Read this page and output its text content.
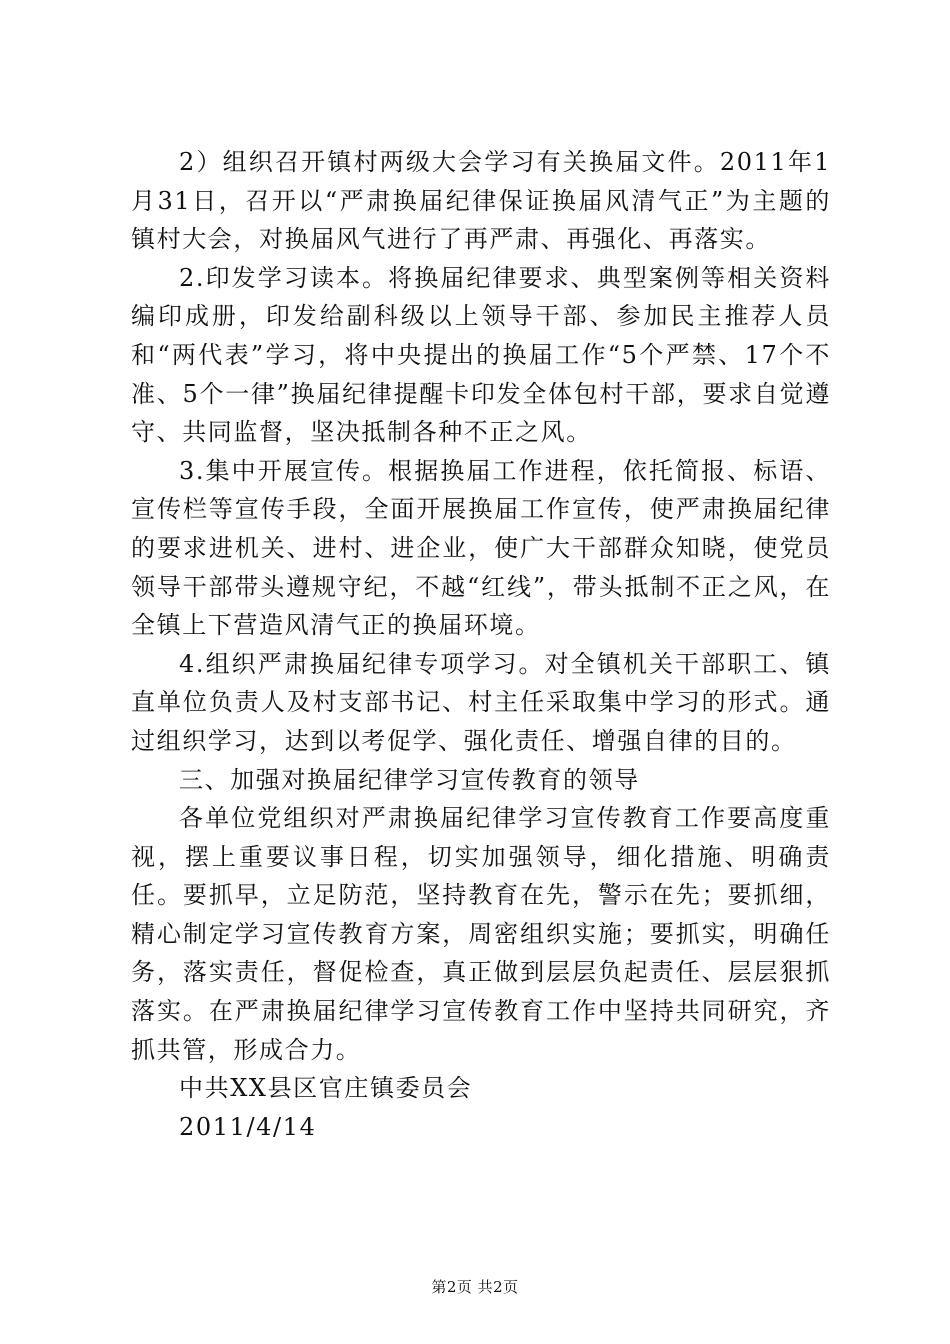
2）组织召开镇村两级大会学习有关换届文件。2011年1月31日，召开以“严肃换届纪律保证换届风清气正”为主题的镇村大会，对换届风气进行了再严肃、再强化、再落实。

2.印发学习读本。将换届纪律要求、典型案例等相关资料编印成册，印发给副科级以上领导干部、参加民主推荐人员和“两代表”学习，将中央提出的换届工作“5个严禁、17个不准、5个一律”换届纪律提醒卡印发全体包村干部，要求自觉遵守、共同监督，坚决抵制各种不正之风。

3.集中开展宣传。根据换届工作进程，依托简报、标语、宣传栏等宣传手段，全面开展换届工作宣传，使严肃换届纪律的要求进机关、进村、进企业，使广大干部群众知晓，使党员领导干部带头遵规守纪，不越“红线”，带头抵制不正之风，在全镇上下营造风清气正的换届环境。

4.组织严肃换届纪律专项学习。对全镇机关干部职工、镇直单位负责人及村支部书记、村主任采取集中学习的形式。通过组织学习，达到以考促学、强化责任、增强自律的目的。

三、加强对换届纪律学习宣传教育的领导

各单位党组织对严肃换届纪律学习宣传教育工作要高度重视，摆上重要议事日程，切实加强领导，细化措施、明确责任。要抓早，立足防范，坚持教育在先，警示在先；要抓细，精心制定学习宣传教育方案，周密组织实施；要抓实，明确任务，落实责任，督促检查，真正做到层层负起责任、层层狠抓落实。在严肃换届纪律学习宣传教育工作中坚持共同研究，齐抓共管，形成合力。

中共XX县区官庄镇委员会

2011/4/14

第2页 共2页
